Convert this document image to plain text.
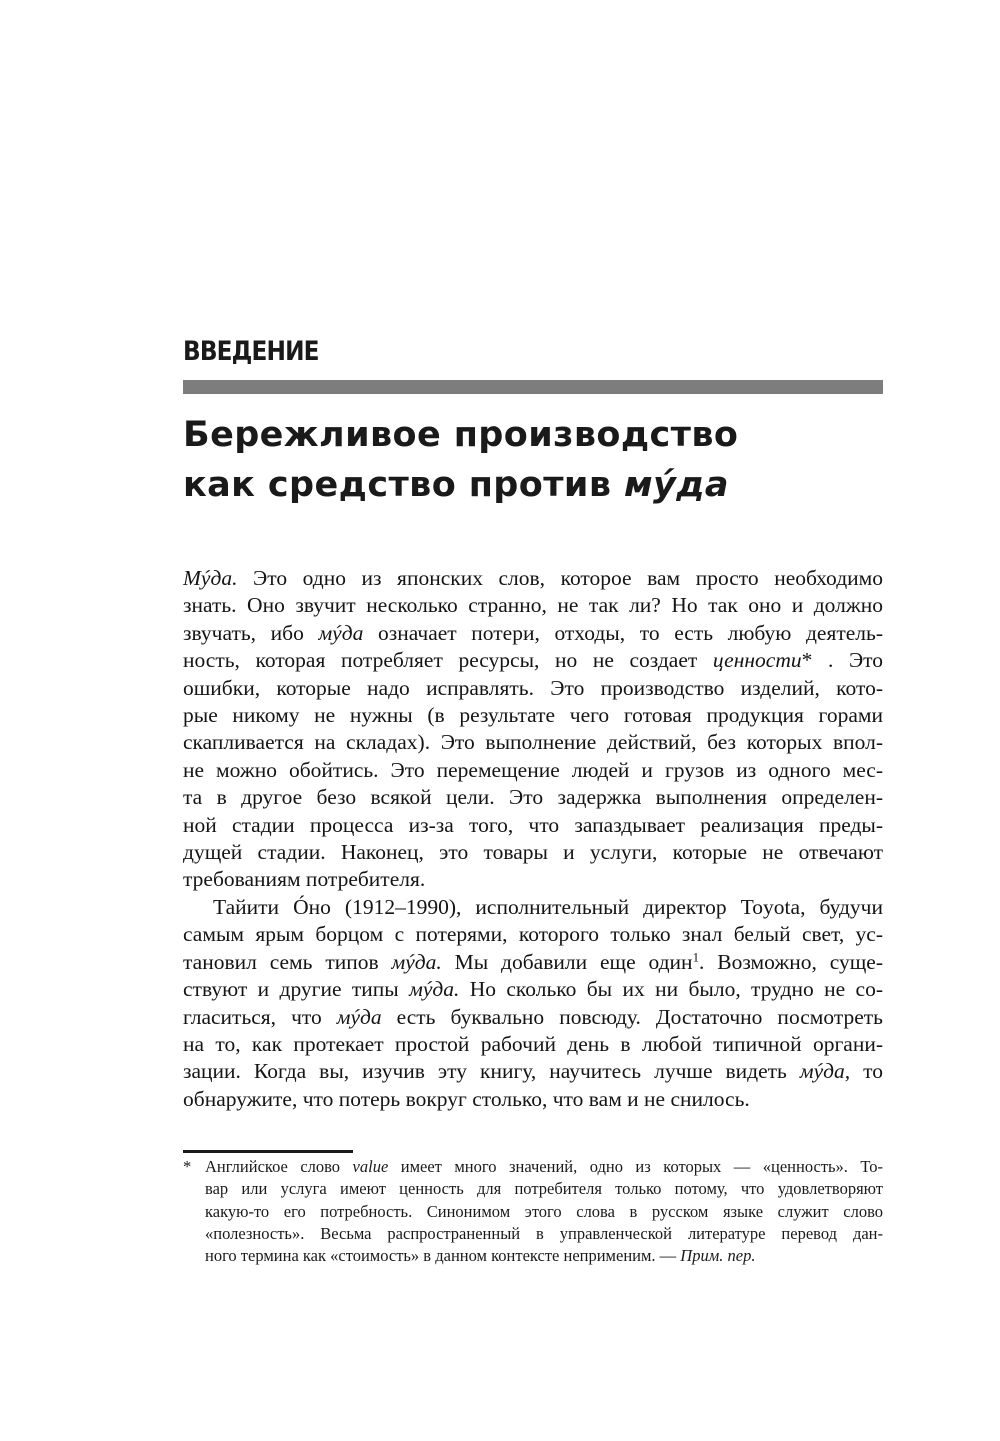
ВВЕДЕНИЕ
Бережливое производство
как средство против мýда

Мýда. Это одно из японских слов, которое вам просто необходимо
знать. Оно звучит несколько странно, не так ли? Но так оно и должно
звучать, ибо мýда означает потери, отходы, то есть любую деятель-
ность, которая потребляет ресурсы, но не создает ценности* . Это
ошибки, которые надо исправлять. Это производство изделий, кото-
рые никому не нужны (в результате чего готовая продукция горами
скапливается на складах). Это выполнение действий, без которых впол-
не можно обойтись. Это перемещение людей и грузов из одного мес-
та в другое безо всякой цели. Это задержка выполнения определен-
ной стадии процесса из-за того, что запаздывает реализация преды-
дущей стадии. Наконец, это товары и услуги, которые не отвечают
требованиям потребителя.

Тайити Óно (1912–1990), исполнительный директор Toyota, будучи
самым ярым борцом с потерями, которого только знал белый свет, ус-
тановил семь типов мýда. Мы добавили еще один$^1$. Возможно, суще-
ствуют и другие типы мýда. Но сколько бы их ни было, трудно не со-
гласиться, что мýда есть буквально повсюду. Достаточно посмотреть
на то, как протекает простой рабочий день в любой типичной органи-
зации. Когда вы, изучив эту книгу, научитесь лучше видеть мýда, то
обнаружите, что потерь вокруг столько, что вам и не снилось.

* Английское слово value имеет много значений, одно из которых — «ценность». То-
вар или услуга имеют ценность для потребителя только потому, что удовлетворяют
какую-то его потребность. Синонимом этого слова в русском языке служит слово
«полезность». Весьма распространенный в управленческой литературе перевод дан-
ного термина как «стоимость» в данном контексте неприменим. — Прим. пер.
